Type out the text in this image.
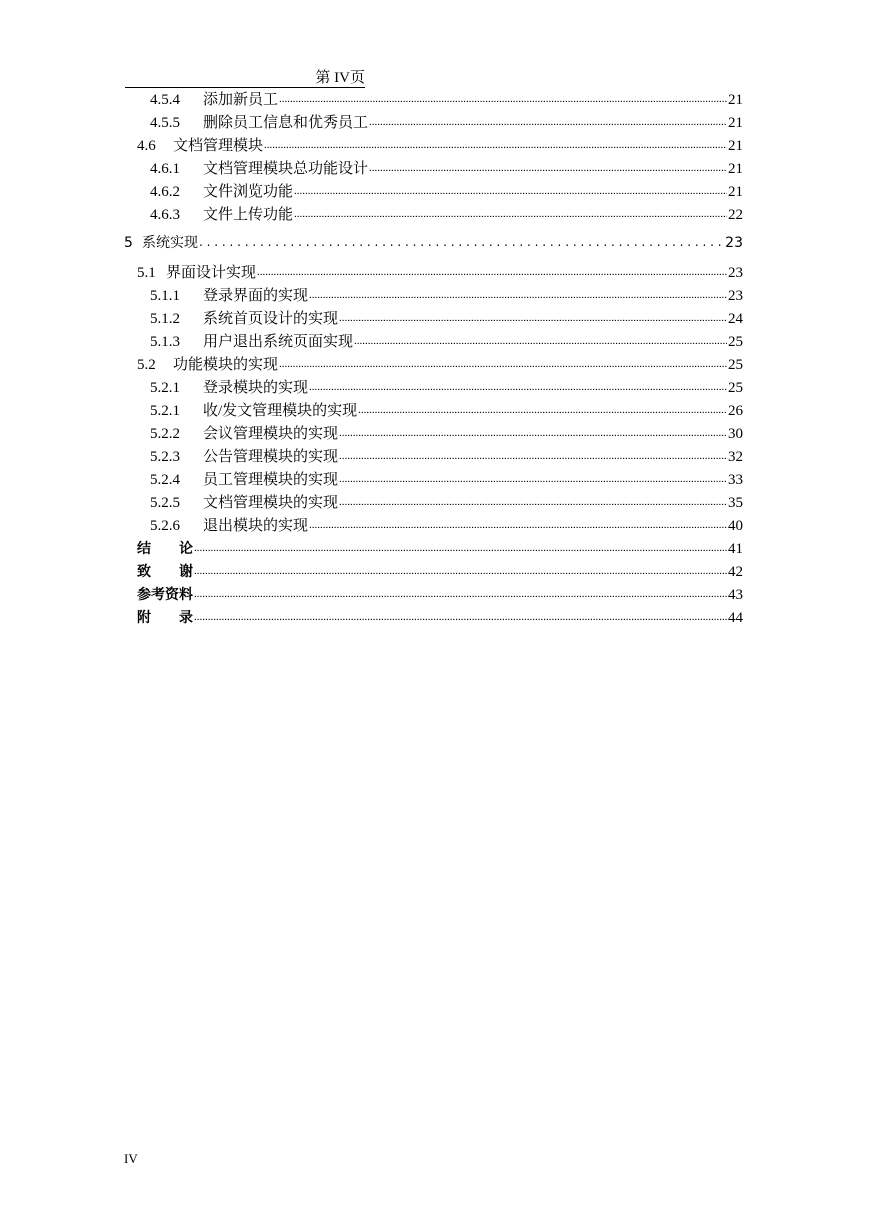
第 IV页
4.5.4	添加新员工 .....	21
4.5.5	删除员工信息和优秀员工 .....	21
4.6	文档管理模块 .....	21
4.6.1	文档管理模块总功能设计 .....	21
4.6.2	文件浏览功能 .....	21
4.6.3	文件上传功能 .....	22
5 系统实现 . . .	23
5.1 界面设计实现 .....	23
5.1.1	登录界面的实现 .....	23
5.1.2	系统首页设计的实现 .....	24
5.1.3	用户退出系统页面实现 .....	25
5.2	功能模块的实现 .....	25
5.2.1	登录模块的实现 .....	25
5.2.1	收/发文管理模块的实现 .....	26
5.2.2	会议管理模块的实现 .....	30
5.2.3	公告管理模块的实现 .....	32
5.2.4	员工管理模块的实现 .....	33
5.2.5	文档管理模块的实现 .....	35
5.2.6	退出模块的实现 .....	40
结　　论 .....	41
致　　谢 .....	42
参考资料 .....	43
附　　录 .....	44
IV
